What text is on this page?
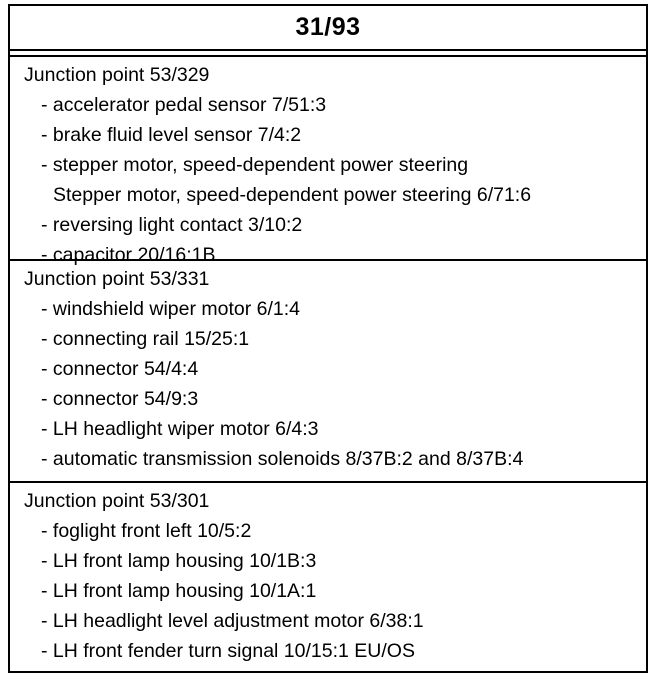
31/93
Junction point 53/329
- accelerator pedal sensor 7/51:3
- brake fluid level sensor 7/4:2
- stepper motor, speed-dependent power steering
Stepper motor, speed-dependent power steering 6/71:6
- reversing light contact 3/10:2
- capacitor 20/16:1B
Junction point 53/331
- windshield wiper motor 6/1:4
- connecting rail 15/25:1
- connector 54/4:4
- connector 54/9:3
- LH headlight wiper motor 6/4:3
- automatic transmission solenoids 8/37B:2 and 8/37B:4
Junction point 53/301
- foglight front left 10/5:2
- LH front lamp housing 10/1B:3
- LH front lamp housing 10/1A:1
- LH headlight level adjustment motor 6/38:1
- LH front fender turn signal 10/15:1 EU/OS
